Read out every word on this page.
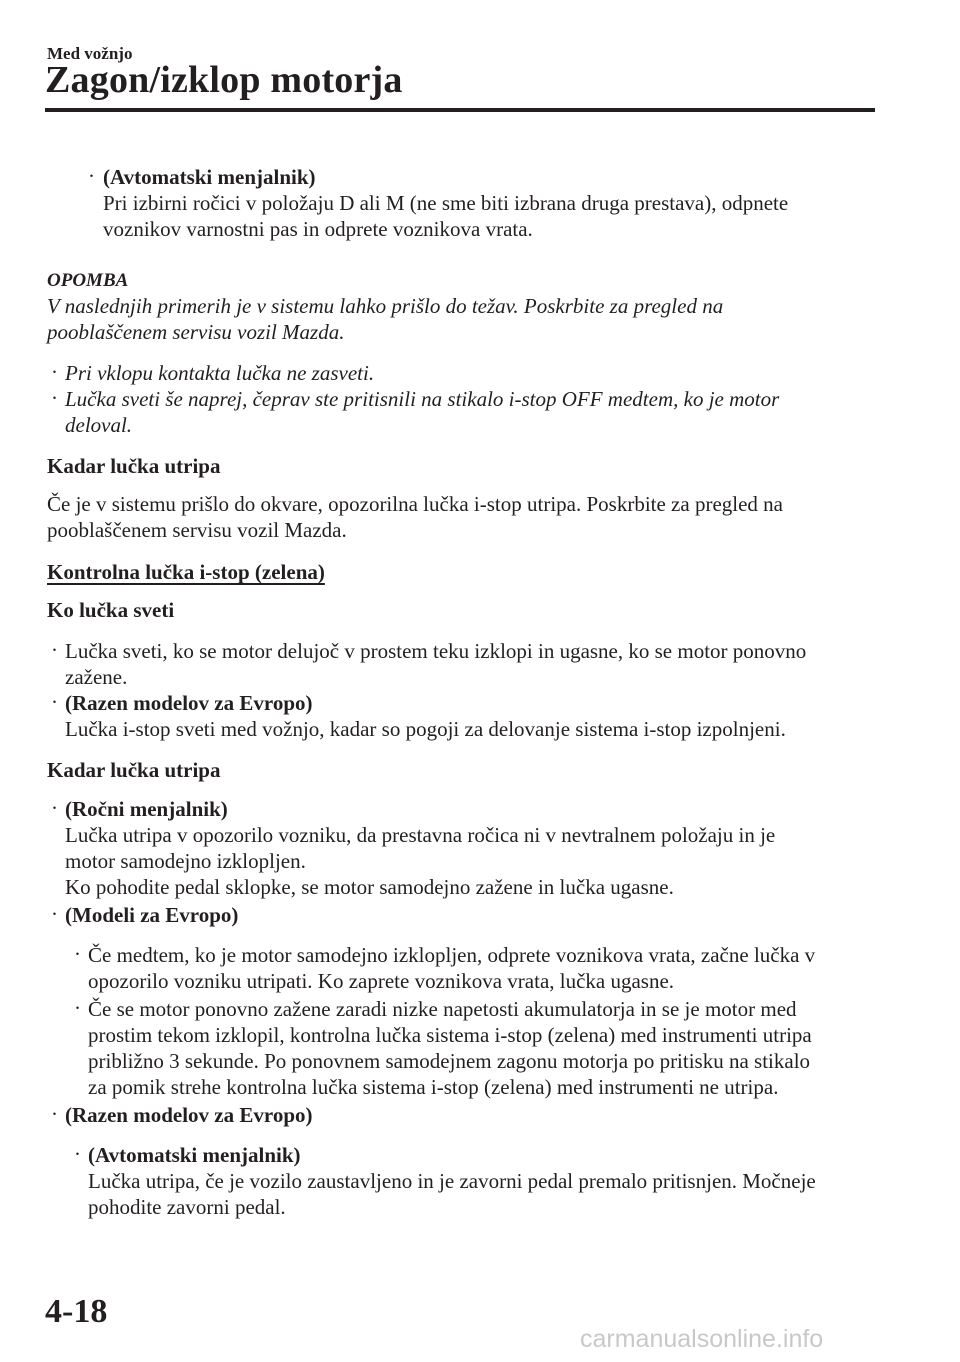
Med vožnjo
Zagon/izklop motorja
· (Avtomatski menjalnik)
Pri izbirni ročici v položaju D ali M (ne sme biti izbrana druga prestava), odpnete
voznikov varnostni pas in odprete voznikova vrata.
OPOMBA
V naslednjih primerih je v sistemu lahko prišlo do težav. Poskrbite za pregled na
pooblaščenem servisu vozil Mazda.
· Pri vklopu kontakta lučka ne zasveti.
· Lučka sveti še naprej, čeprav ste pritisnili na stikalo i-stop OFF medtem, ko je motor
deloval.
Kadar lučka utripa
Če je v sistemu prišlo do okvare, opozorilna lučka i-stop utripa. Poskrbite za pregled na
pooblaščenem servisu vozil Mazda.
Kontrolna lučka i-stop (zelena)
Ko lučka sveti
· Lučka sveti, ko se motor delujoč v prostem teku izklopi in ugasne, ko se motor ponovno
zažene.
· (Razen modelov za Evropo)
Lučka i-stop sveti med vožnjo, kadar so pogoji za delovanje sistema i-stop izpolnjeni.
Kadar lučka utripa
· (Ročni menjalnik)
Lučka utripa v opozorilo vozniku, da prestavna ročica ni v nevtralnem položaju in je
motor samodejno izklopljen.
Ko pohodite pedal sklopke, se motor samodejno zažene in lučka ugasne.
· (Modeli za Evropo)
· Če medtem, ko je motor samodejno izklopljen, odprete voznikova vrata, začne lučka v
opozorilo vozniku utripati. Ko zaprete voznikova vrata, lučka ugasne.
· Če se motor ponovno zažene zaradi nizke napetosti akumulatorja in se je motor med
prostim tekom izklopil, kontrolna lučka sistema i-stop (zelena) med instrumenti utripa
približno 3 sekunde. Po ponovnem samodejnem zagonu motorja po pritisku na stikalo
za pomik strehe kontrolna lučka sistema i-stop (zelena) med instrumenti ne utripa.
· (Razen modelov za Evropo)
· (Avtomatski menjalnik)
Lučka utripa, če je vozilo zaustavljeno in je zavorni pedal premalo pritisnjen. Močneje
pohodite zavorni pedal.
4-18
carmanualsonline.info
